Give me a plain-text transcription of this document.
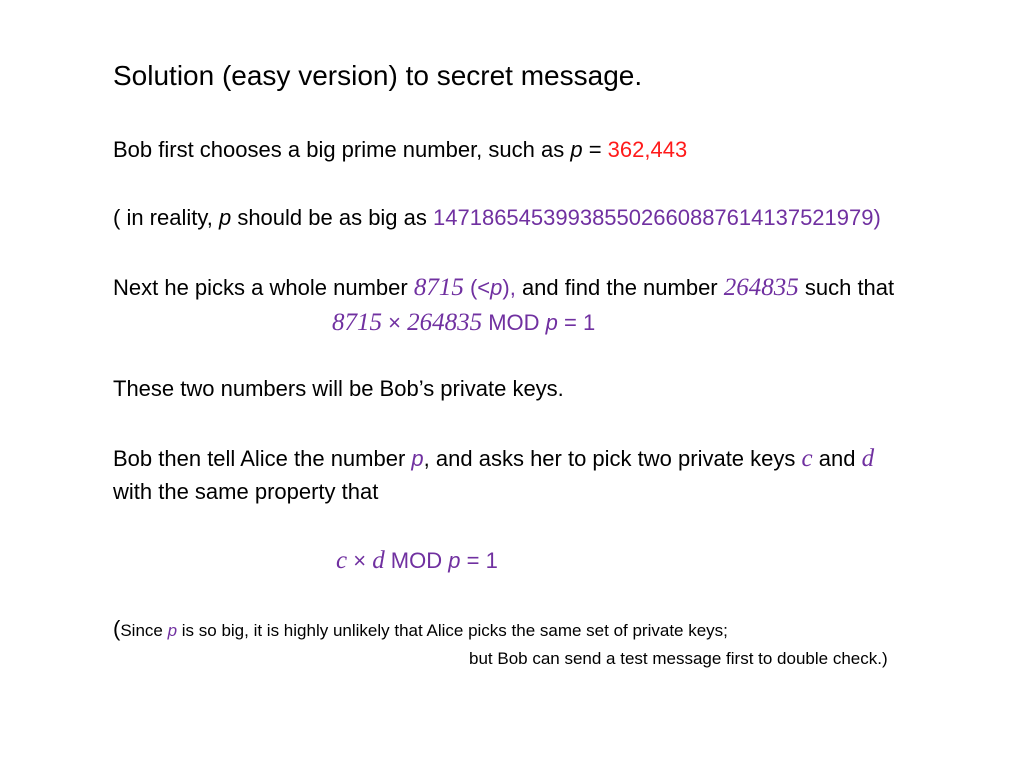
Solution (easy version) to secret message.
Bob first chooses a big prime number, such as p = 362,443
( in reality, p should be as big as 147186545399385502660887614137521979)
Next he picks a whole number 8715 (<p), and find the number 264835 such that
8715 × 264835 MOD p = 1
These two numbers will be Bob’s private keys.
Bob then tell Alice the number p, and asks her to pick two private keys c and d
with the same property that
c × d MOD p = 1
(Since p is so big, it is highly unlikely that Alice picks the same set of private keys;
but Bob can send a test message first to double check.)
